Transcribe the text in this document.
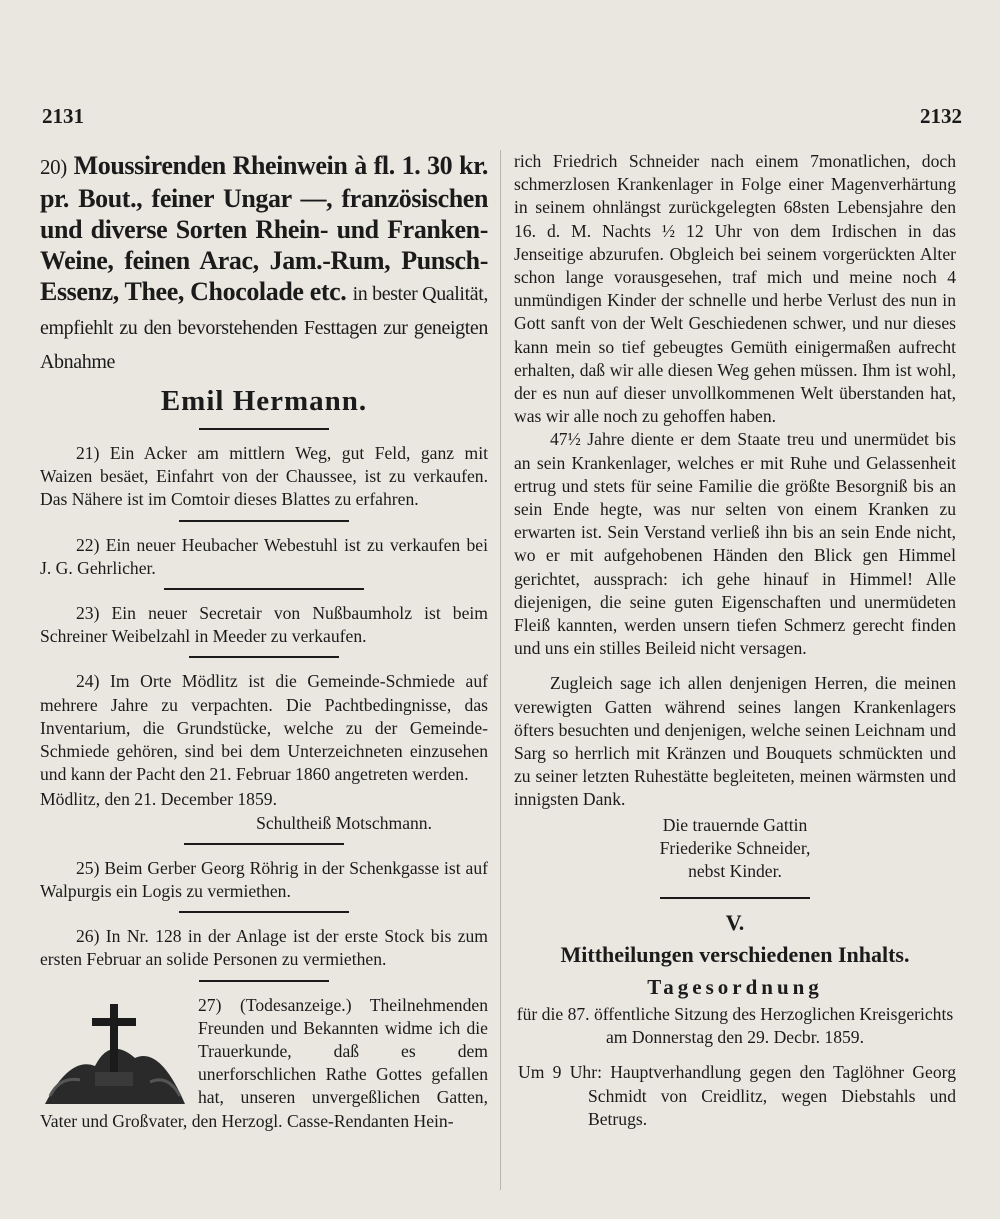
2131	2132
20) Moussirenden Rheinwein à fl. 1. 30 kr. pr. Bout., feiner Ungar —, französischen und diverse Sorten Rhein- und Franken-Weine, feinen Arac, Jam.-Rum, Punsch-Essenz, Thee, Chocolade etc. in bester Qualität, empfiehlt zu den bevorstehenden Festtagen zur geneigten Abnahme
Emil Hermann.

21) Ein Acker am mittlern Weg, gut Feld, ganz mit Waizen besäet, Einfahrt von der Chaussee, ist zu verkaufen. Das Nähere ist im Comtoir dieses Blattes zu erfahren.

22) Ein neuer Heubacher Webestuhl ist zu verkaufen bei J. G. Gehrlicher.

23) Ein neuer Secretair von Nußbaumholz ist beim Schreiner Weibelzahl in Meeder zu verkaufen.

24) Im Orte Mödlitz ist die Gemeinde-Schmiede auf mehrere Jahre zu verpachten. Die Pachtbedingnisse, das Inventarium, die Grundstücke, welche zu der Gemeinde-Schmiede gehören, sind bei dem Unterzeichneten einzusehen und kann der Pacht den 21. Februar 1860 angetreten werden.

Mödlitz, den 21. December 1859.

Schultheiß Motschmann.

25) Beim Gerber Georg Röhrig in der Schenkgasse ist auf Walpurgis ein Logis zu vermiethen.

26) In Nr. 128 in der Anlage ist der erste Stock bis zum ersten Februar an solide Personen zu vermiethen.

27) (Todesanzeige.) Theilnehmenden Freunden und Bekannten widme ich die Trauerkunde, daß es dem unerforschlichen Rathe Gottes gefallen hat, unseren unvergeßlichen Gatten, Vater und Großvater, den Herzogl. Casse-Rendanten Hein-

rich Friedrich Schneider nach einem 7monatlichen, doch schmerzlosen Krankenlager in Folge einer Magenverhärtung in seinem ohnlängst zurückgelegten 68sten Lebensjahre den 16. d. M. Nachts ½ 12 Uhr von dem Irdischen in das Jenseitige abzurufen. Obgleich bei seinem vorgerückten Alter schon lange vorausgesehen, traf mich und meine noch 4 unmündigen Kinder der schnelle und herbe Verlust des nun in Gott sanft von der Welt Geschiedenen schwer, und nur dieses kann mein so tief gebeugtes Gemüth einigermaßen aufrecht erhalten, daß wir alle diesen Weg gehen müssen. Ihm ist wohl, der es nun auf dieser unvollkommenen Welt überstanden hat, was wir alle noch zu gehoffen haben.

47½ Jahre diente er dem Staate treu und unermüdet bis an sein Krankenlager, welches er mit Ruhe und Gelassenheit ertrug und stets für seine Familie die größte Besorgniß bis an sein Ende hegte, was nur selten von einem Kranken zu erwarten ist. Sein Verstand verließ ihn bis an sein Ende nicht, wo er mit aufgehobenen Händen den Blick gen Himmel gerichtet, aussprach: ich gehe hinauf in Himmel! Alle diejenigen, die seine guten Eigenschaften und unermüdeten Fleiß kannten, werden unsern tiefen Schmerz gerecht finden und uns ein stilles Beileid nicht versagen.

Zugleich sage ich allen denjenigen Herren, die meinen verewigten Gatten während seines langen Krankenlagers öfters besuchten und denjenigen, welche seinen Leichnam und Sarg so herrlich mit Kränzen und Bouquets schmückten und zu seiner letzten Ruhestätte begleiteten, meinen wärmsten und innigsten Dank.

Die trauernde Gattin
Friederike Schneider,
nebst Kinder.
V.
Mittheilungen verschiedenen Inhalts.
Tagesordnung

für die 87. öffentliche Sitzung des Herzoglichen Kreisgerichts am Donnerstag den 29. Decbr. 1859.

Um 9 Uhr: Hauptverhandlung gegen den Taglöhner Georg Schmidt von Creidlitz, wegen Diebstahls und Betrugs.
